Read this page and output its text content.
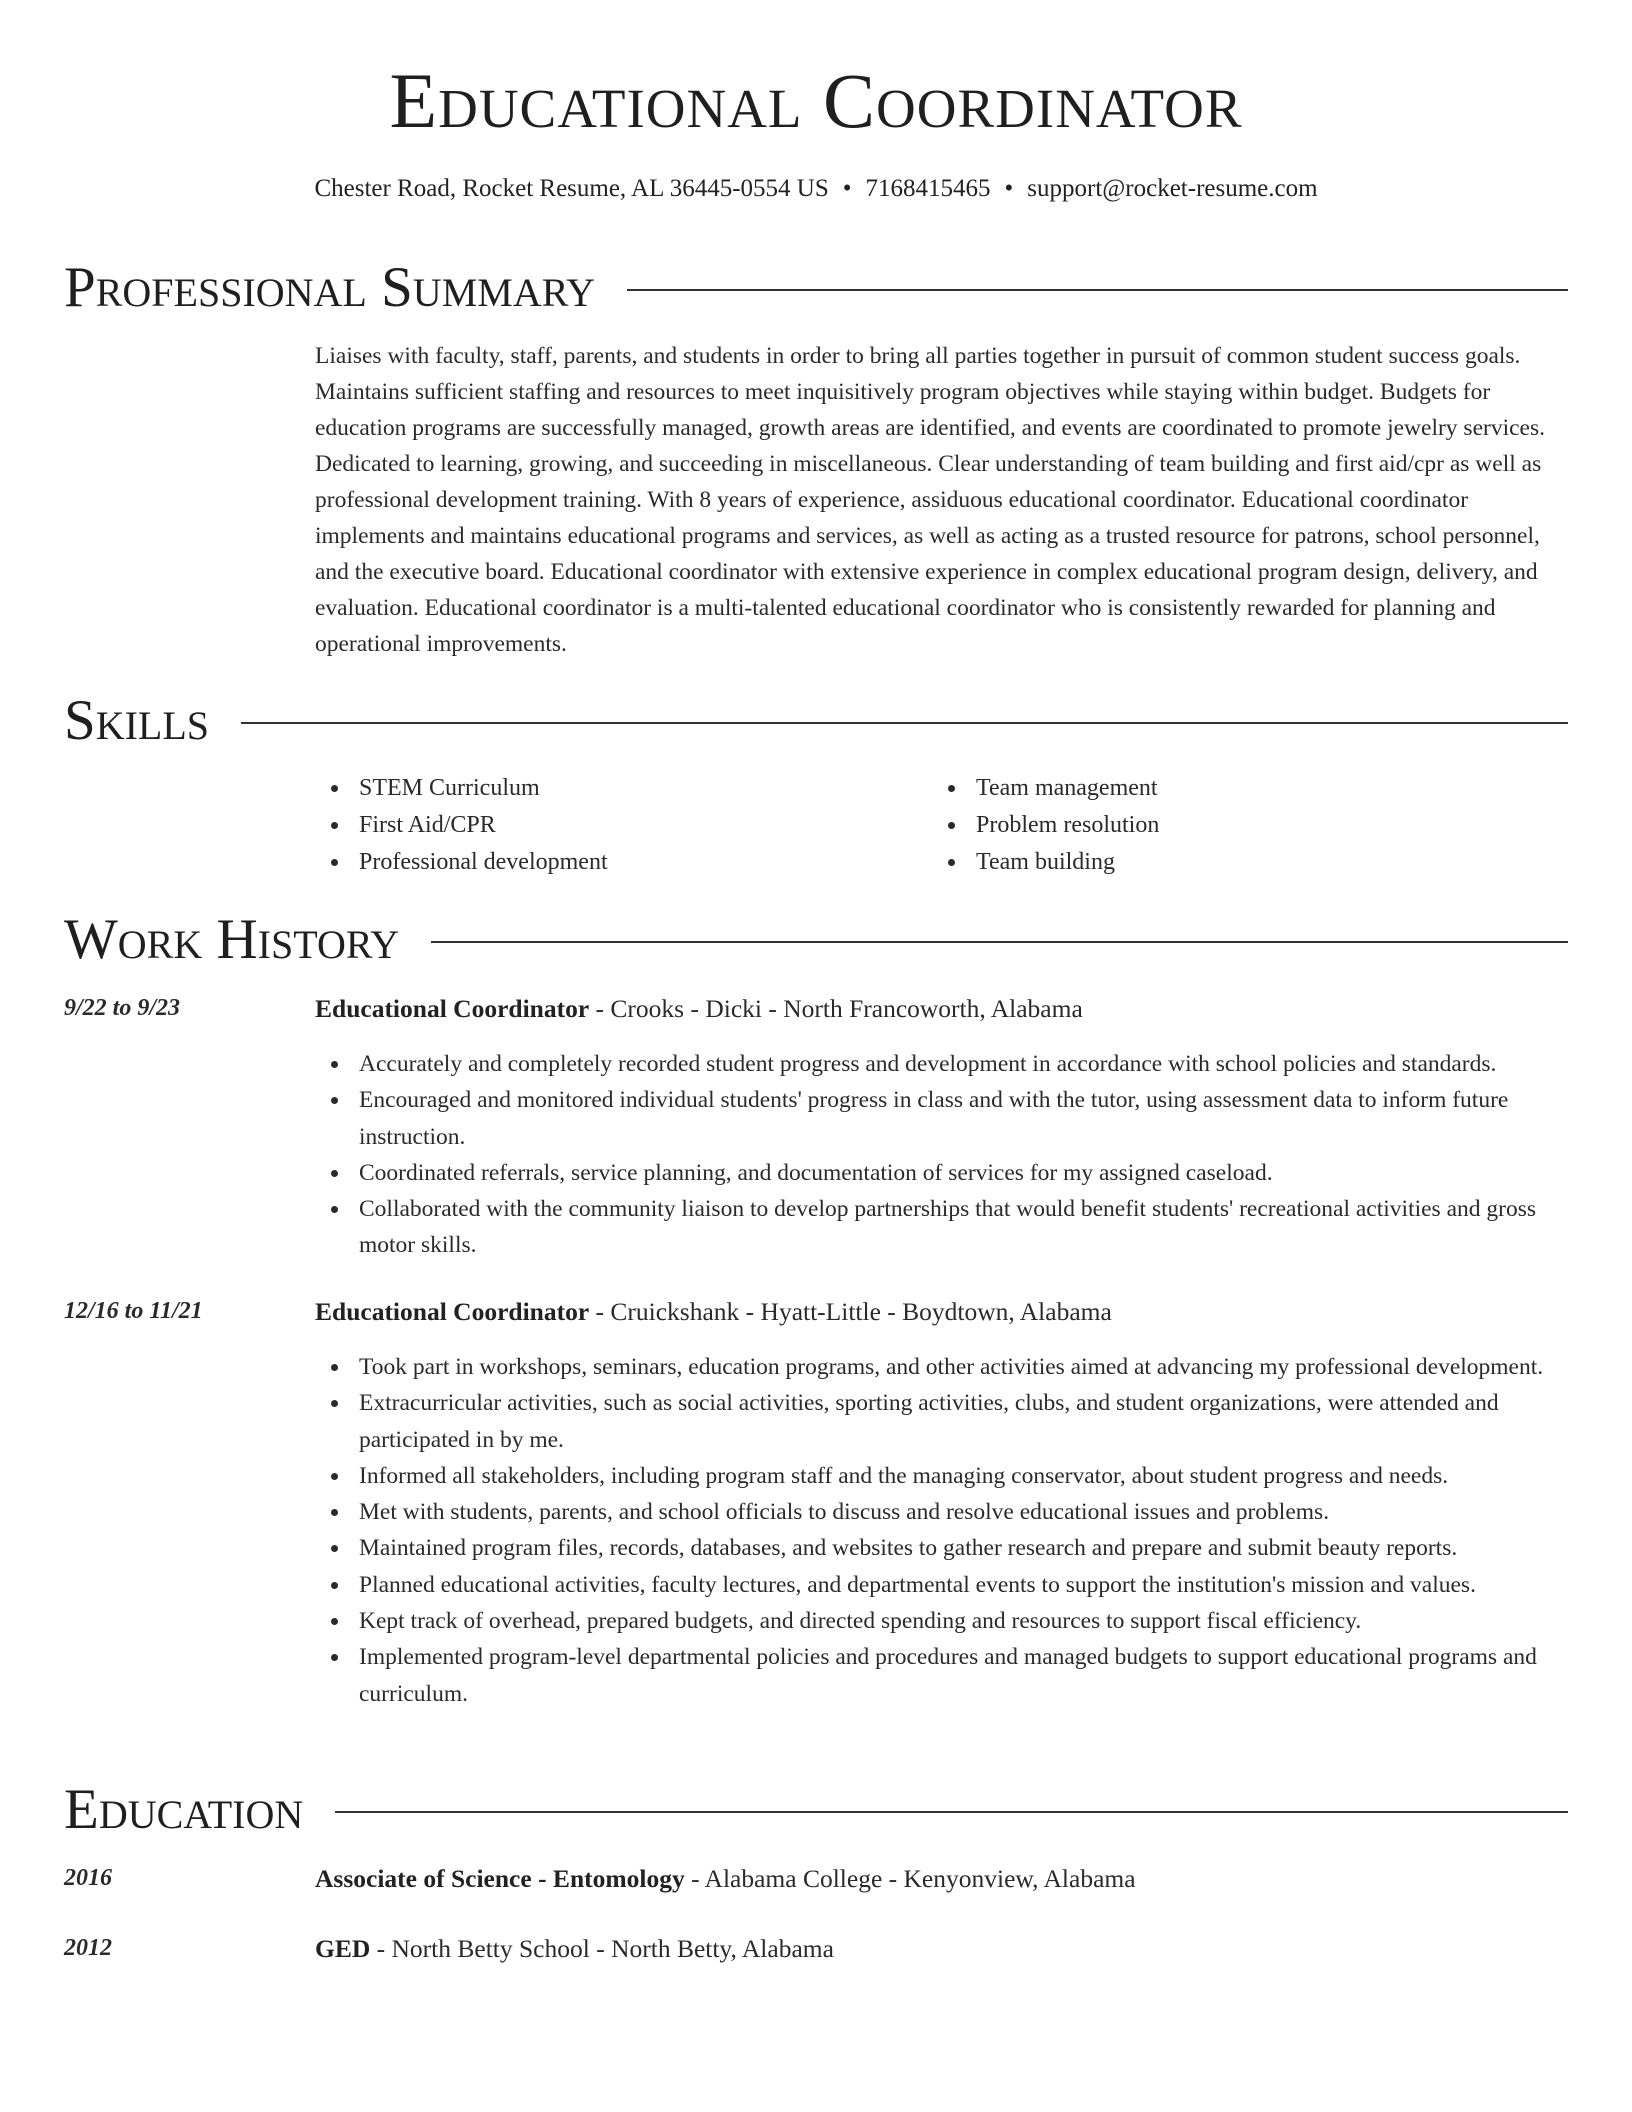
Educational Coordinator
Chester Road, Rocket Resume, AL 36445-0554 US • 7168415465 • support@rocket-resume.com
Professional Summary
Liaises with faculty, staff, parents, and students in order to bring all parties together in pursuit of common student success goals. Maintains sufficient staffing and resources to meet inquisitively program objectives while staying within budget. Budgets for education programs are successfully managed, growth areas are identified, and events are coordinated to promote jewelry services. Dedicated to learning, growing, and succeeding in miscellaneous. Clear understanding of team building and first aid/cpr as well as professional development training. With 8 years of experience, assiduous educational coordinator. Educational coordinator implements and maintains educational programs and services, as well as acting as a trusted resource for patrons, school personnel, and the executive board. Educational coordinator with extensive experience in complex educational program design, delivery, and evaluation. Educational coordinator is a multi-talented educational coordinator who is consistently rewarded for planning and operational improvements.
Skills
STEM Curriculum
First Aid/CPR
Professional development
Team management
Problem resolution
Team building
Work History
9/22 to 9/23	Educational Coordinator - Crooks - Dicki - North Francoworth, Alabama
Accurately and completely recorded student progress and development in accordance with school policies and standards.
Encouraged and monitored individual students' progress in class and with the tutor, using assessment data to inform future instruction.
Coordinated referrals, service planning, and documentation of services for my assigned caseload.
Collaborated with the community liaison to develop partnerships that would benefit students' recreational activities and gross motor skills.
12/16 to 11/21	Educational Coordinator - Cruickshank - Hyatt-Little - Boydtown, Alabama
Took part in workshops, seminars, education programs, and other activities aimed at advancing my professional development.
Extracurricular activities, such as social activities, sporting activities, clubs, and student organizations, were attended and participated in by me.
Informed all stakeholders, including program staff and the managing conservator, about student progress and needs.
Met with students, parents, and school officials to discuss and resolve educational issues and problems.
Maintained program files, records, databases, and websites to gather research and prepare and submit beauty reports.
Planned educational activities, faculty lectures, and departmental events to support the institution's mission and values.
Kept track of overhead, prepared budgets, and directed spending and resources to support fiscal efficiency.
Implemented program-level departmental policies and procedures and managed budgets to support educational programs and curriculum.
Education
2016	Associate of Science - Entomology - Alabama College - Kenyonview, Alabama
2012	GED - North Betty School - North Betty, Alabama
